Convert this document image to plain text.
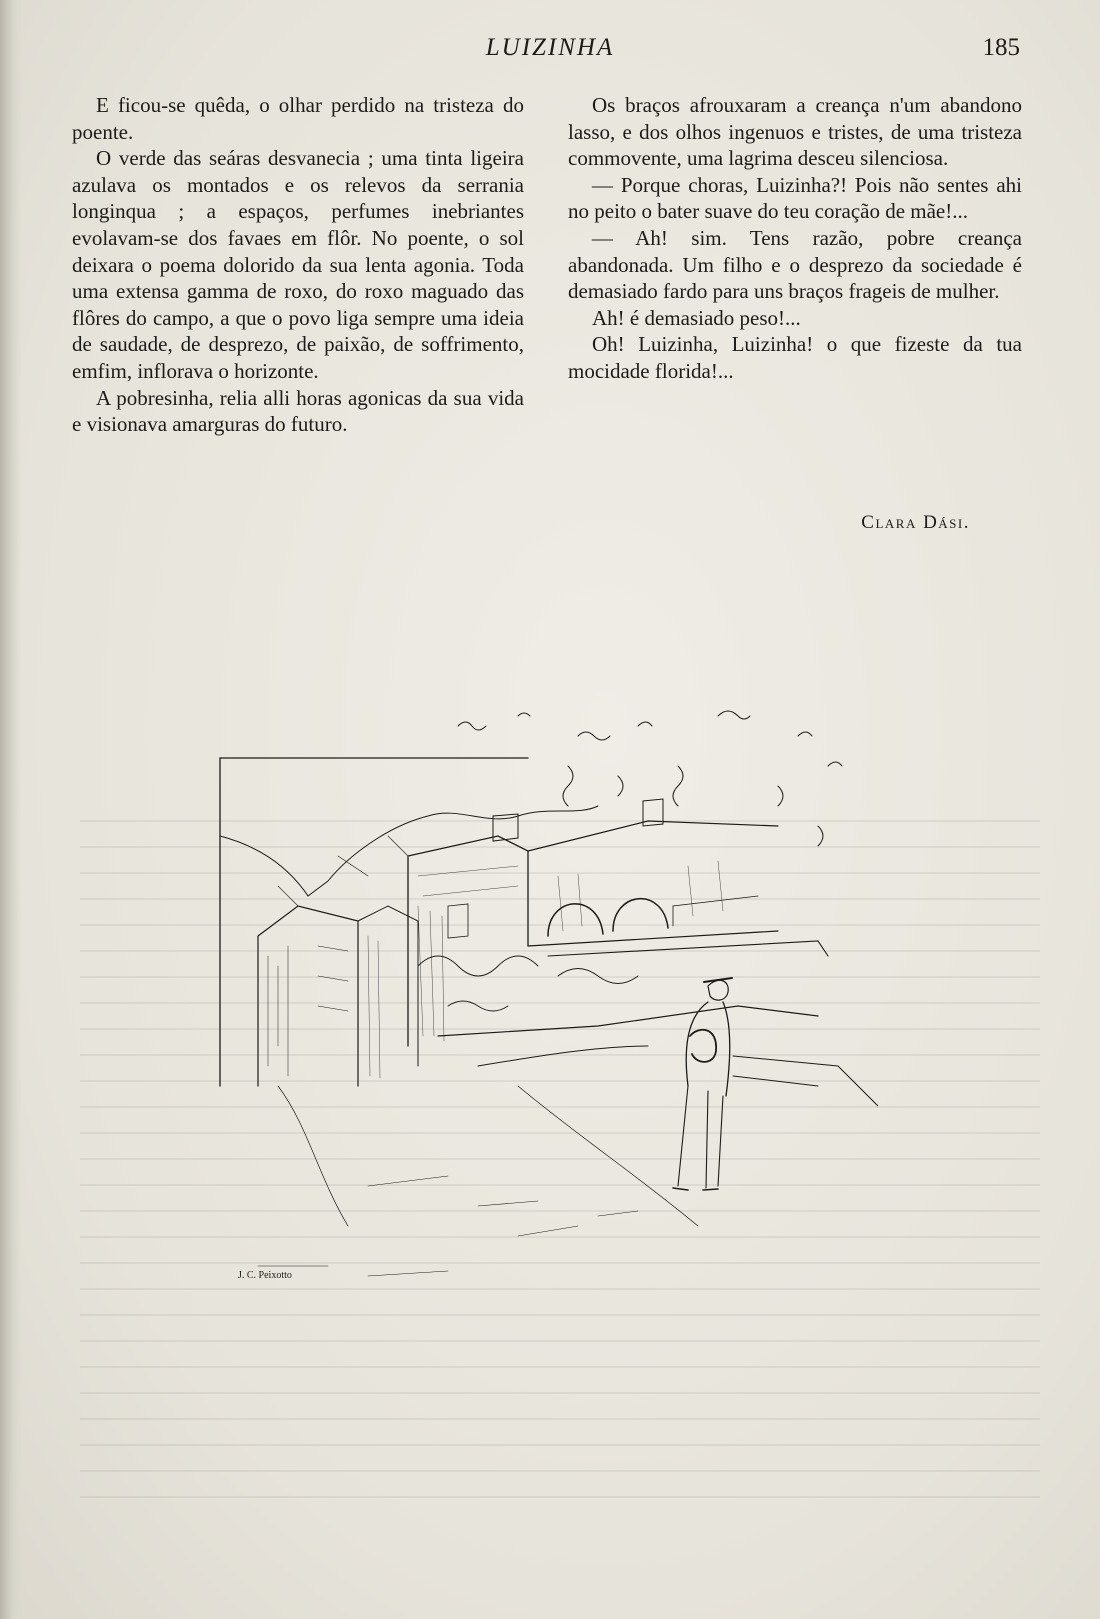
LUIZINHA	185

E ficou-se quêda, o olhar perdido na tristeza do poente.

O verde das seáras desvanecia ; uma tinta ligeira azulava os montados e os relevos da serrania longinqua ; a espaços, perfumes inebriantes evolavam-se dos favaes em flôr. No poente, o sol deixara o poema dolorido da sua lenta agonia. Toda uma extensa gamma de roxo, do roxo maguado das flôres do campo, a que o povo liga sempre uma ideia de saudade, de desprezo, de paixão, de soffrimento, emfim, inflorava o horizonte.

A pobresinha, relia alli horas agonicas da sua vida e visionava amarguras do futuro.

Os braços afrouxaram a creança n'um abandono lasso, e dos olhos ingenuos e tristes, de uma tristeza commovente, uma lagrima desceu silenciosa.

— Porque choras, Luizinha?! Pois não sentes ahi no peito o bater suave do teu coração de mãe!...

— Ah! sim. Tens razão, pobre creança abandonada. Um filho e o desprezo da sociedade é demasiado fardo para uns braços frageis de mulher.

Ah! é demasiado peso!...

Oh! Luizinha, Luizinha! o que fizeste da tua mocidade florida!...

Clara Dási.
J. C. Peixotto
